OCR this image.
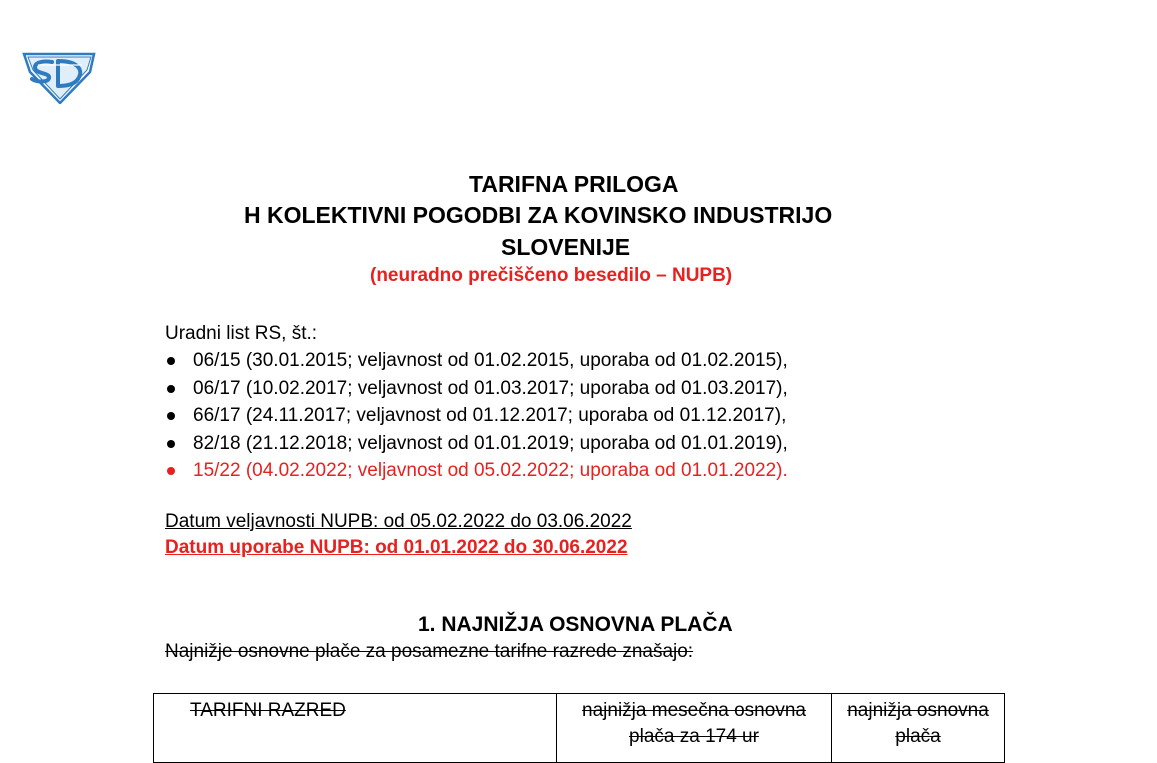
TARIFNA PRILOGA
H KOLEKTIVNI POGODBI ZA KOVINSKO INDUSTRIJO
SLOVENIJE
(neuradno prečiščeno besedilo – NUPB)
Uradni list RS, št.:
06/15 (30.01.2015; veljavnost od 01.02.2015, uporaba od 01.02.2015),
06/17 (10.02.2017; veljavnost od 01.03.2017; uporaba od 01.03.2017),
66/17 (24.11.2017; veljavnost od 01.12.2017; uporaba od 01.12.2017),
82/18 (21.12.2018; veljavnost od 01.01.2019; uporaba od 01.01.2019),
15/22 (04.02.2022; veljavnost od 05.02.2022; uporaba od 01.01.2022).
Datum veljavnosti NUPB: od 05.02.2022 do 03.06.2022
Datum uporabe NUPB: od 01.01.2022 do 30.06.2022
1. NAJNIŽJA OSNOVNA PLAČA
Najnižje osnovne plače za posamezne tarifne razrede znašajo:
TARIFNI RAZRED	najnižja mesečna osnovna plača za 174 ur	najnižja osnovna plača
